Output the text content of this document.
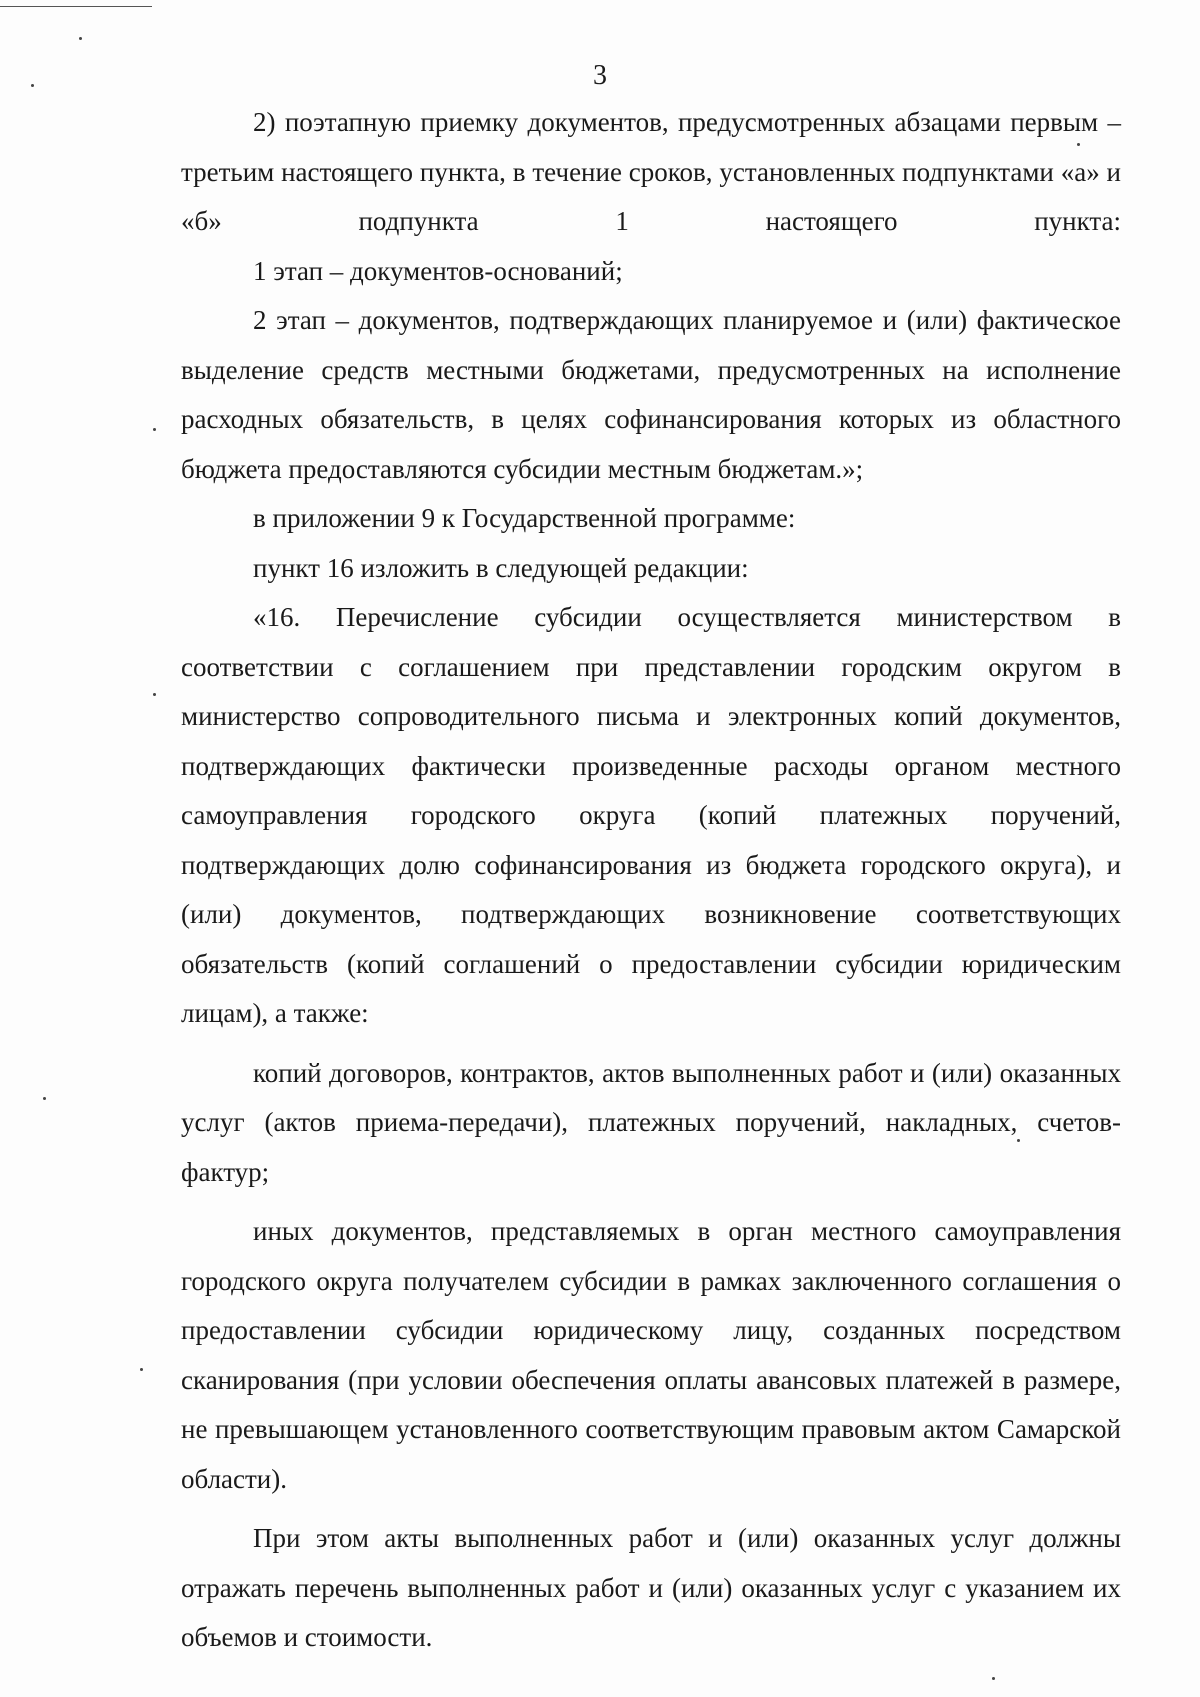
3

2) поэтапную приемку документов, предусмотренных абзацами первым – третьим настоящего пункта, в течение сроков, установленных подпунктами «а» и «б» подпункта 1 настоящего пункта:

1 этап – документов-оснований;

2 этап – документов, подтверждающих планируемое и (или) фактическое выделение средств местными бюджетами, предусмотренных на исполнение расходных обязательств, в целях софинансирования которых из областного бюджета предоставляются субсидии местным бюджетам.»;

в приложении 9 к Государственной программе:

пункт 16 изложить в следующей редакции:

«16. Перечисление субсидии осуществляется министерством в соответствии с соглашением при представлении городским округом в министерство сопроводительного письма и электронных копий документов, подтверждающих фактически произведенные расходы органом местного самоуправления городского округа (копий платежных поручений, подтверждающих долю софинансирования из бюджета городского округа), и (или) документов, подтверждающих возникновение соответствующих обязательств (копий соглашений о предоставлении субсидии юридическим лицам), а также:

копий договоров, контрактов, актов выполненных работ и (или) оказанных услуг (актов приема-передачи), платежных поручений, накладных, счетов-фактур;

иных документов, представляемых в орган местного самоуправления городского округа получателем субсидии в рамках заключенного соглашения о предоставлении субсидии юридическому лицу, созданных посредством сканирования (при условии обеспечения оплаты авансовых платежей в размере, не превышающем установленного соответствующим правовым актом Самарской области).

При этом акты выполненных работ и (или) оказанных услуг должны отражать перечень выполненных работ и (или) оказанных услуг с указанием их объемов и стоимости.
